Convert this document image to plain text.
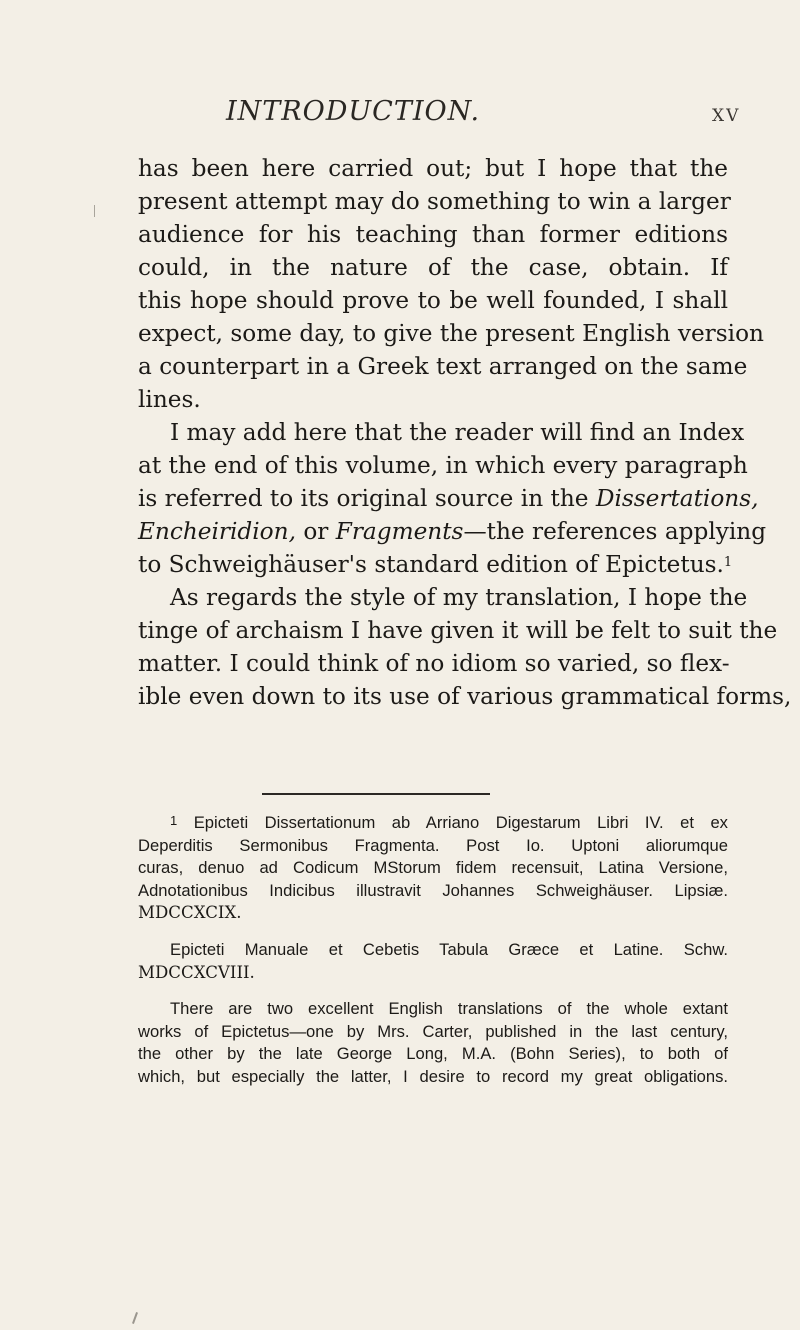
INTRODUCTION.	XV
has been here carried out; but I hope that the
present attempt may do something to win a larger
audience for his teaching than former editions
could, in the nature of the case, obtain. If
this hope should prove to be well founded, I shall
expect, some day, to give the present English version
a counterpart in a Greek text arranged on the same
lines.
I may add here that the reader will find an Index
at the end of this volume, in which every paragraph
is referred to its original source in the Dissertations,
Encheiridion, or Fragments—the references applying
to Schweighäuser's standard edition of Epictetus.$^1$
As regards the style of my translation, I hope the
tinge of archaism I have given it will be felt to suit the
matter. I could think of no idiom so varied, so flex-
ible even down to its use of various grammatical forms,
$^1$ Epicteti Dissertationum ab Arriano Digestarum Libri IV. et ex
Deperditis Sermonibus Fragmenta. Post Io. Uptoni aliorumque
curas, denuo ad Codicum MStorum fidem recensuit, Latina Versione,
Adnotationibus Indicibus illustravit Johannes Schweighäuser. Lipsiæ.
MDCCXCIX.
Epicteti Manuale et Cebetis Tabula Græce et Latine. Schw.
MDCCXCVIII.
There are two excellent English translations of the whole extant
works of Epictetus—one by Mrs. Carter, published in the last century,
the other by the late George Long, M.A. (Bohn Series), to both of
which, but especially the latter, I desire to record my great obligations.
